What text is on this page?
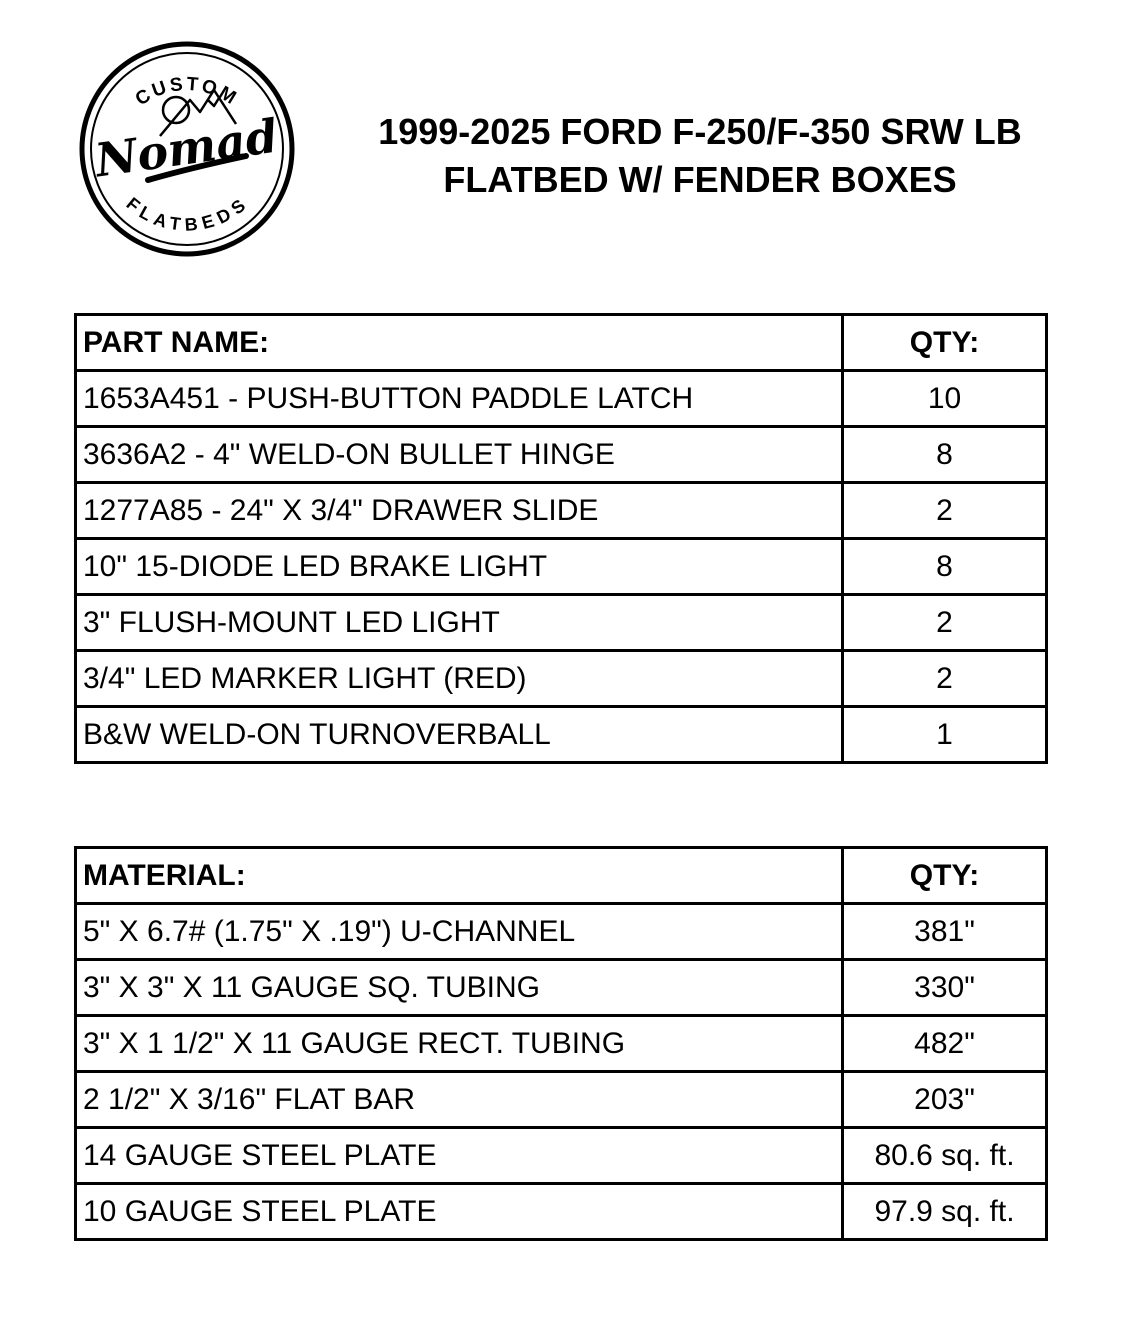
CUSTOM
Nomad
FLATBEDS
1999-2025 FORD F-250/F-350 SRW LB
FLATBED W/ FENDER BOXES
PART NAME:	QTY:
1653A451 - PUSH-BUTTON PADDLE LATCH	10
3636A2 - 4" WELD-ON BULLET HINGE	8
1277A85 - 24" X 3/4" DRAWER SLIDE	2
10" 15-DIODE LED BRAKE LIGHT	8
3" FLUSH-MOUNT LED LIGHT	2
3/4" LED MARKER LIGHT (RED)	2
B&W WELD-ON TURNOVERBALL	1
MATERIAL:	QTY:
5" X 6.7# (1.75" X .19") U-CHANNEL	381"
3" X 3" X 11 GAUGE SQ. TUBING	330"
3" X 1 1/2" X 11 GAUGE RECT. TUBING	482"
2 1/2" X 3/16" FLAT BAR	203"
14 GAUGE STEEL PLATE	80.6 sq. ft.
10 GAUGE STEEL PLATE	97.9 sq. ft.
